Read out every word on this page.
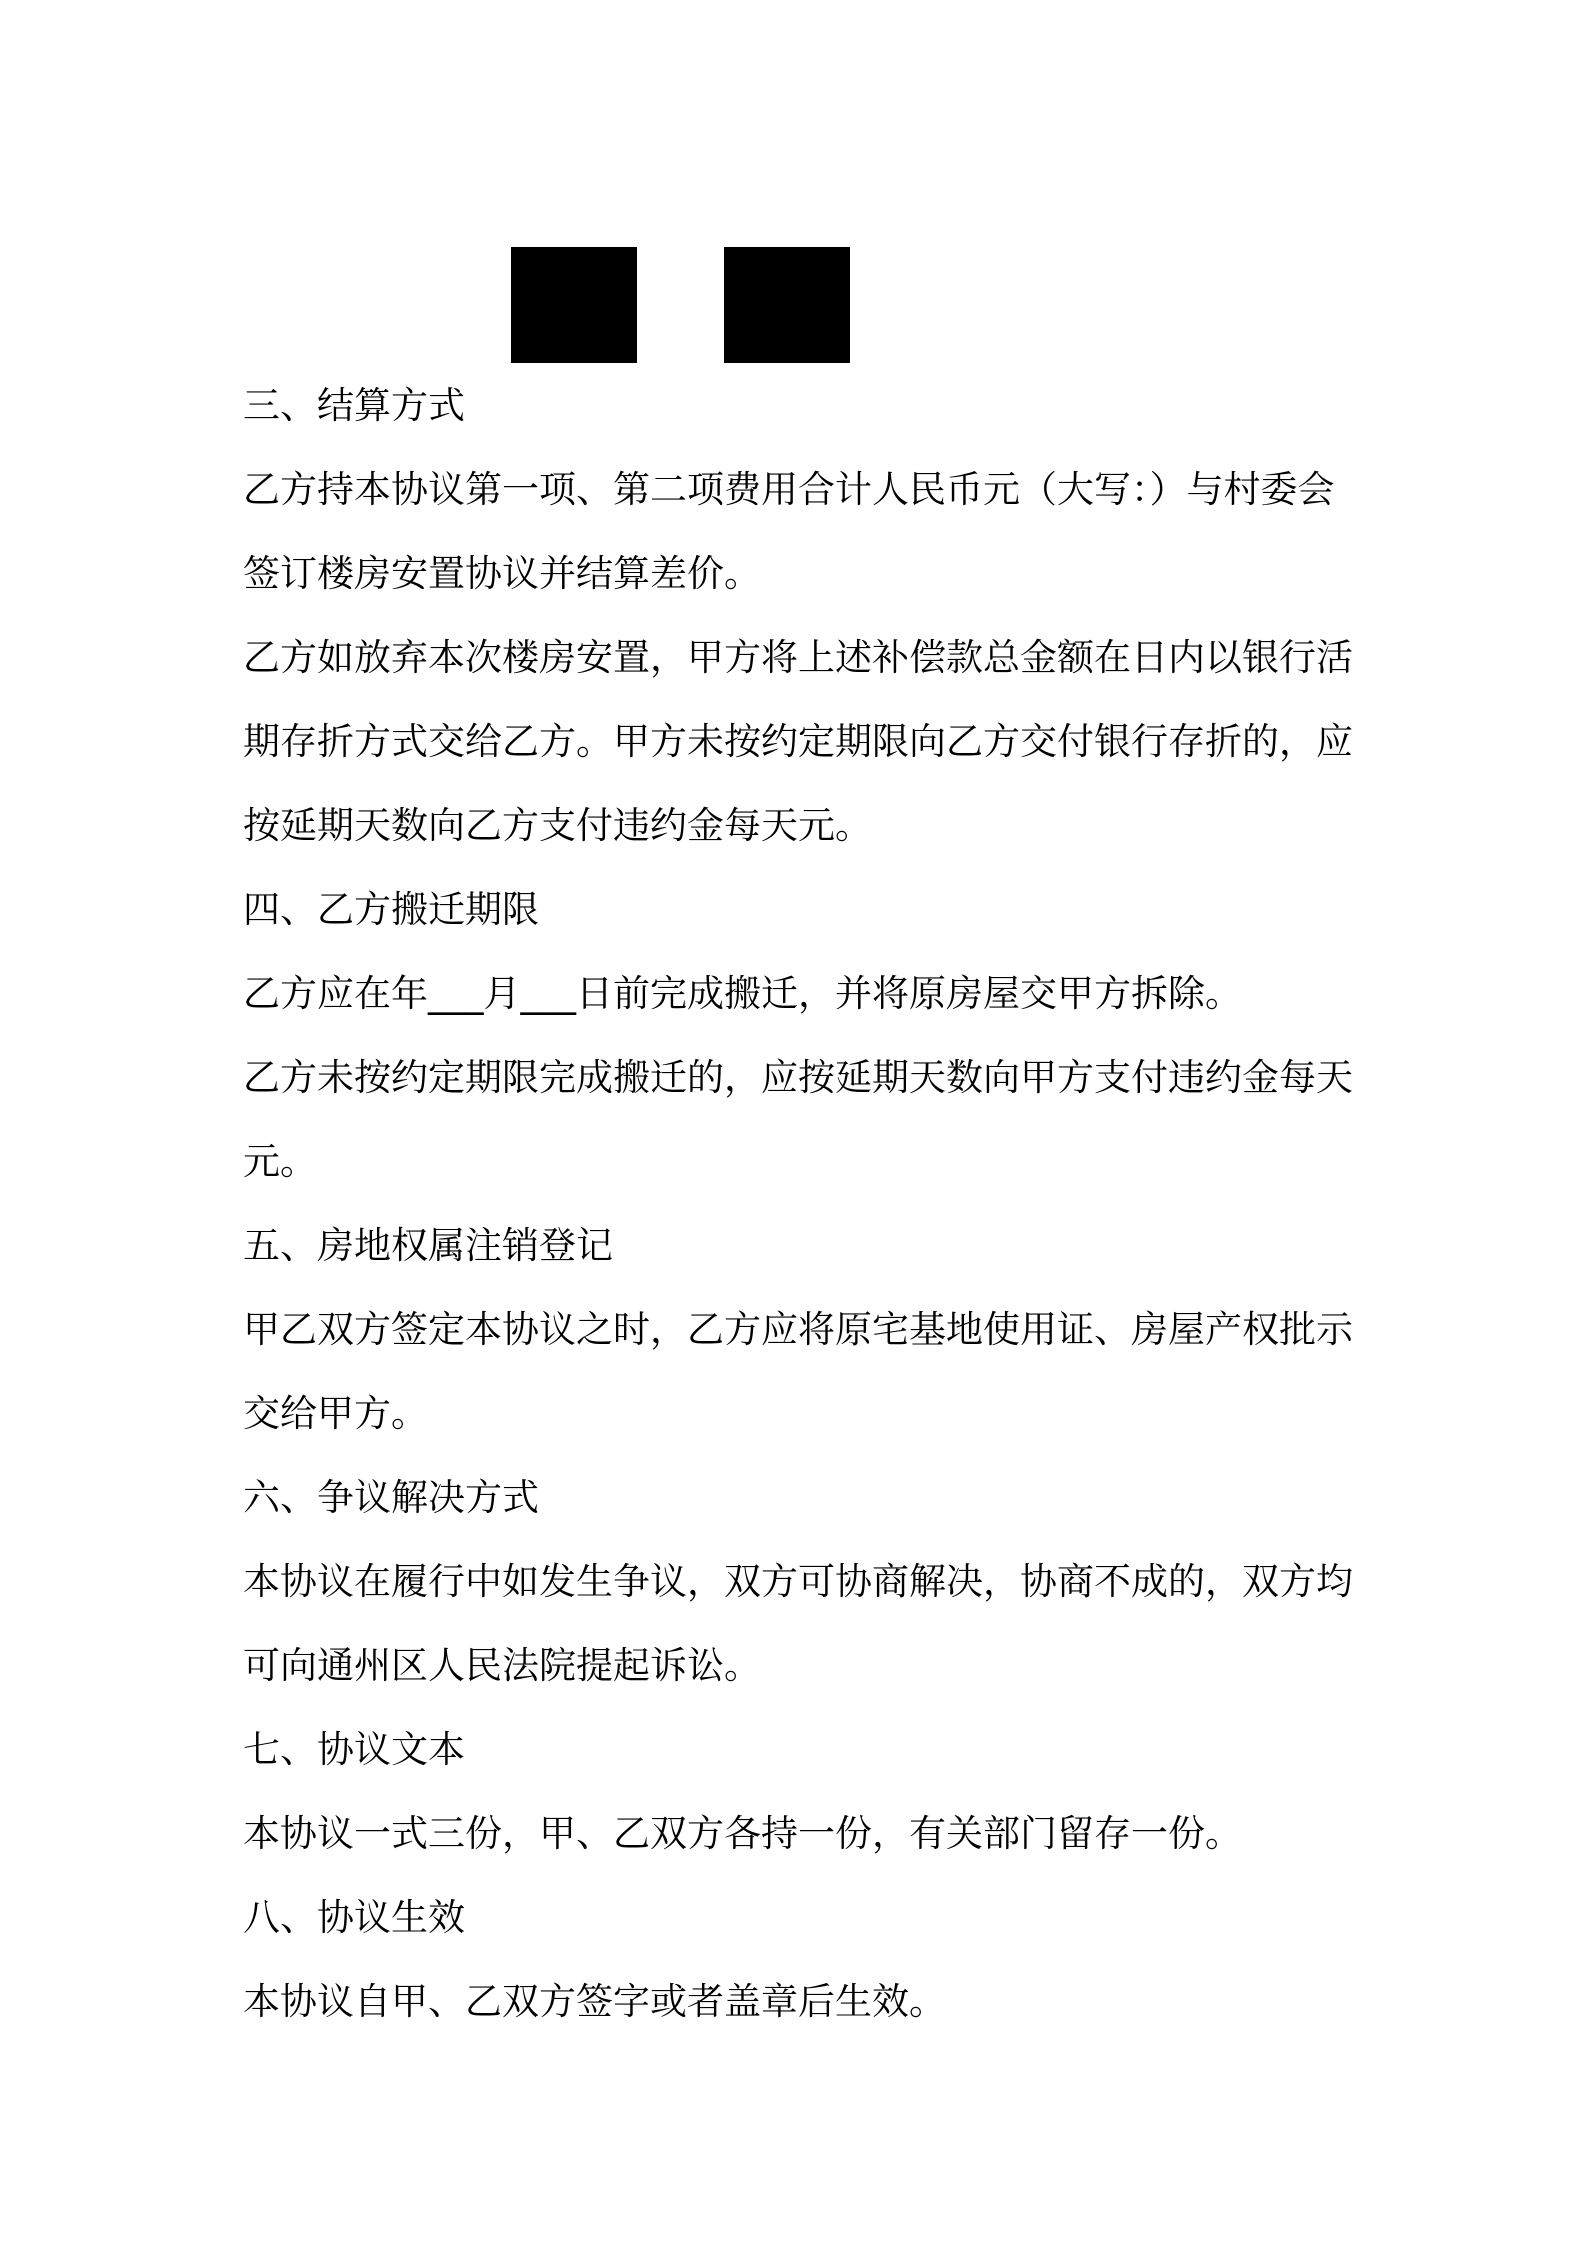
三、结算方式

乙方持本协议第一项、第二项费用合计人民币元（大写：）与村委会

签订楼房安置协议并结算差价。

乙方如放弃本次楼房安置，甲方将上述补偿款总金额在日内以银行活

期存折方式交给乙方。甲方未按约定期限向乙方交付银行存折的，应

按延期天数向乙方支付违约金每天元。

四、乙方搬迁期限

乙方应在年___月___日前完成搬迁，并将原房屋交甲方拆除。

乙方未按约定期限完成搬迁的，应按延期天数向甲方支付违约金每天

元。

五、房地权属注销登记

甲乙双方签定本协议之时，乙方应将原宅基地使用证、房屋产权批示

交给甲方。

六、争议解决方式

本协议在履行中如发生争议，双方可协商解决，协商不成的，双方均

可向通州区人民法院提起诉讼。

七、协议文本

本协议一式三份，甲、乙双方各持一份，有关部门留存一份。

八、协议生效

本协议自甲、乙双方签字或者盖章后生效。
